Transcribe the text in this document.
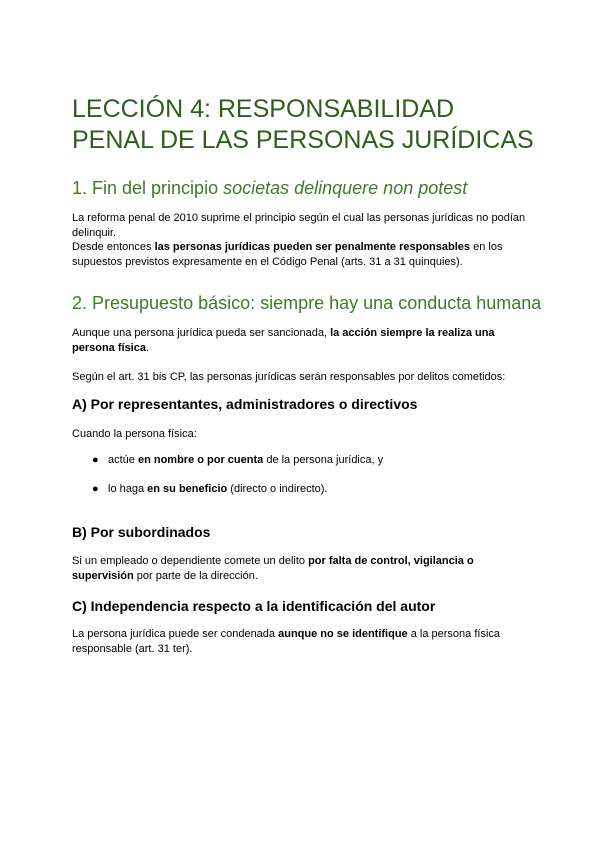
LECCIÓN 4: RESPONSABILIDAD PENAL DE LAS PERSONAS JURÍDICAS
1. Fin del principio societas delinquere non potest

La reforma penal de 2010 suprime el principio según el cual las personas jurídicas no podían delinquir.

Desde entonces las personas jurídicas pueden ser penalmente responsables en los supuestos previstos expresamente en el Código Penal (arts. 31 a 31 quinquies).

2. Presupuesto básico: siempre hay una conducta humana

Aunque una persona jurídica pueda ser sancionada, la acción siempre la realiza una persona física.

Según el art. 31 bis CP, las personas jurídicas serán responsables por delitos cometidos:

A) Por representantes, administradores o directivos

Cuando la persona física:

● actúe en nombre o por cuenta de la persona jurídica, y
● lo haga en su beneficio (directo o indirecto).
B) Por subordinados

Si un empleado o dependiente comete un delito por falta de control, vigilancia o supervisión por parte de la dirección.

C) Independencia respecto a la identificación del autor

La persona jurídica puede ser condenada aunque no se identifique a la persona física responsable (art. 31 ter).
